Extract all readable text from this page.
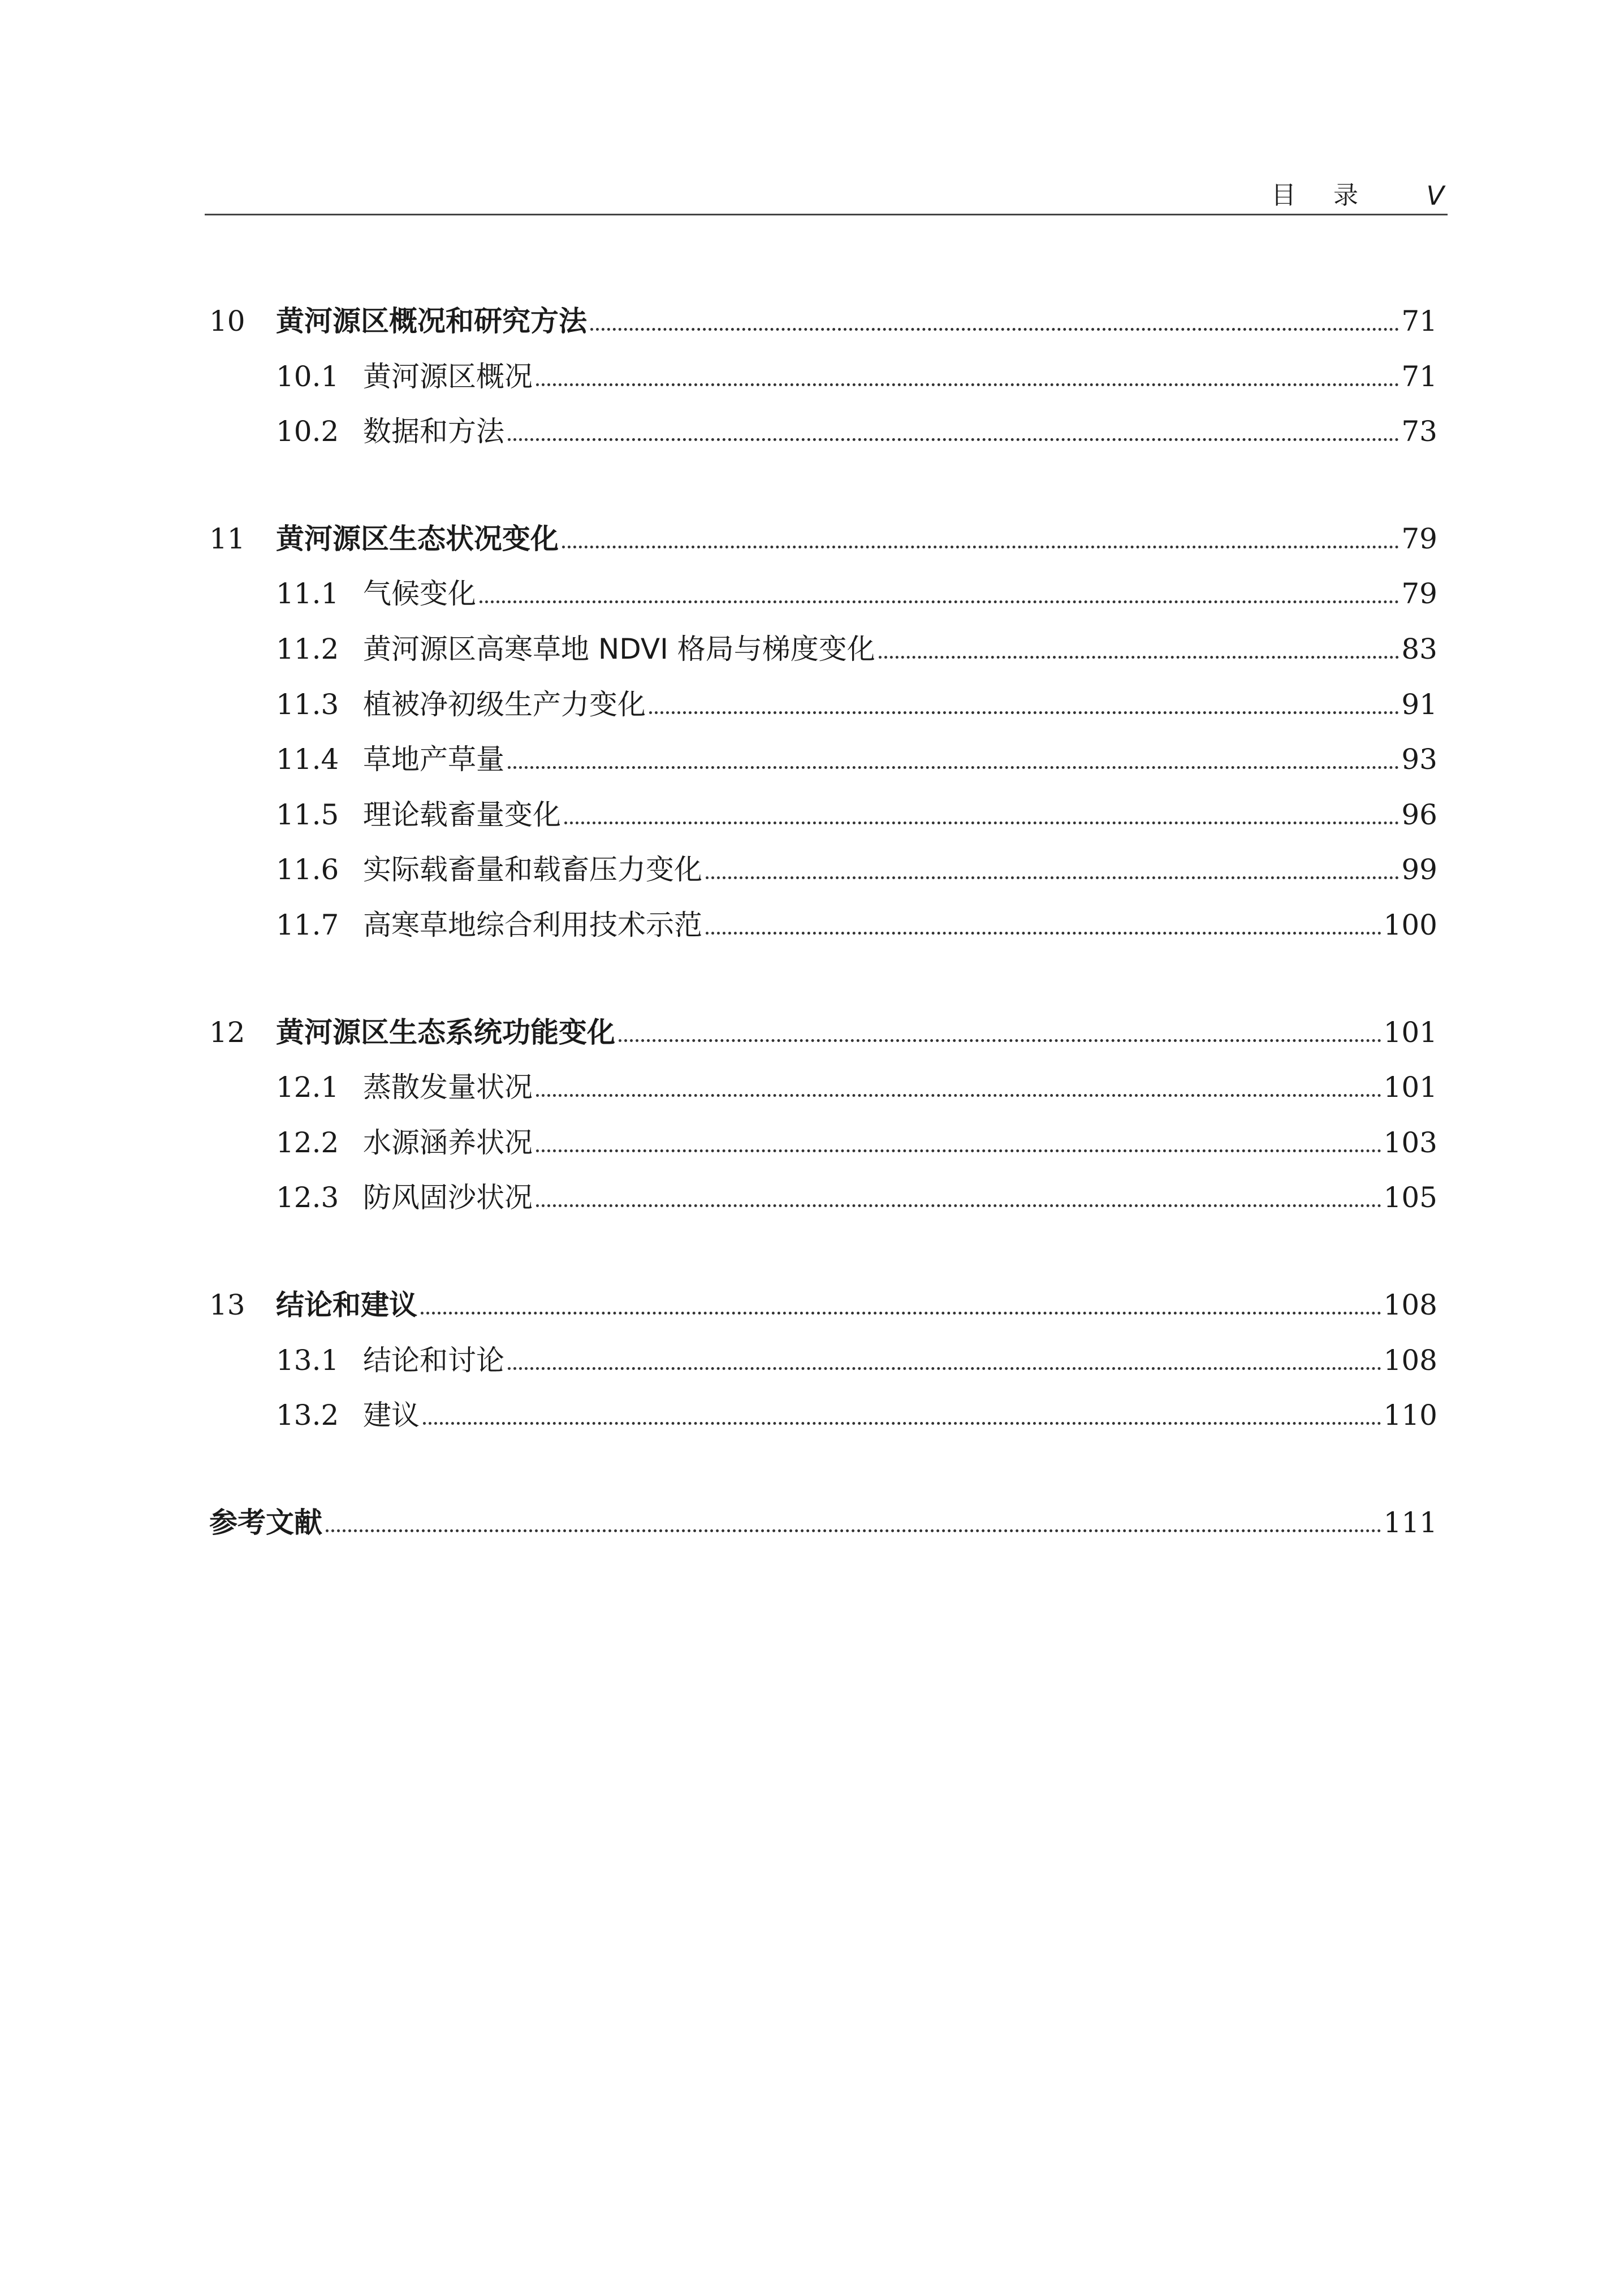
目 录 V
10	黄河源区概况和研究方法	71
10.1 黄河源区概况	71
10.2 数据和方法	73
11	黄河源区生态状况变化	79
11.1 气候变化	79
11.2 黄河源区高寒草地 NDVI 格局与梯度变化	83
11.3 植被净初级生产力变化	91
11.4 草地产草量	93
11.5 理论载畜量变化	96
11.6 实际载畜量和载畜压力变化	99
11.7 高寒草地综合利用技术示范	100
12	黄河源区生态系统功能变化	101
12.1 蒸散发量状况	101
12.2 水源涵养状况	103
12.3 防风固沙状况	105
13	结论和建议	108
13.1 结论和讨论	108
13.2 建议	110
参考文献	111
